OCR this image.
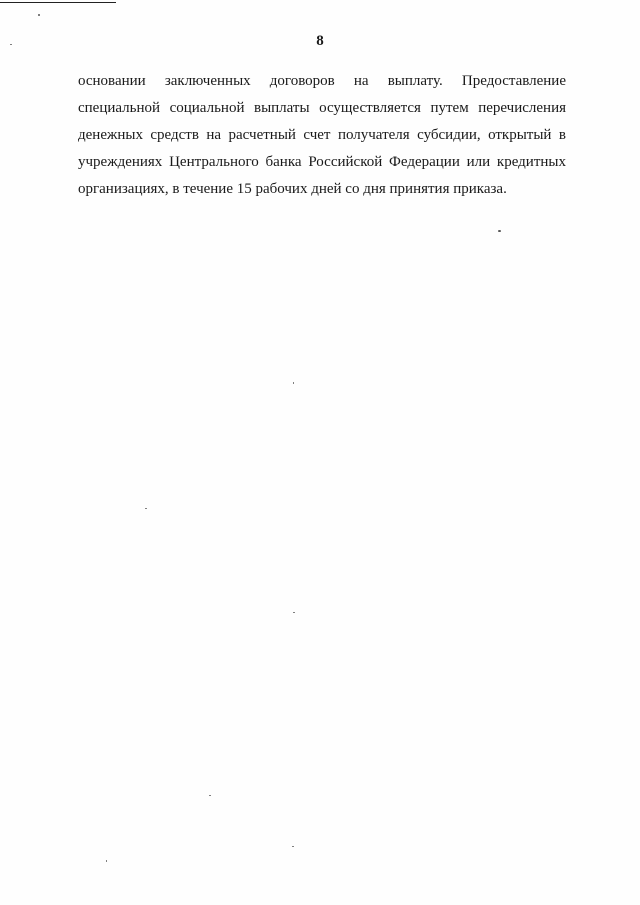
8
основании заключенных договоров на выплату. Предоставление
специальной социальной выплаты осуществляется путем перечисления
денежных средств на расчетный счет получателя субсидии, открытый в
учреждениях Центрального банка Российской Федерации или кредитных
организациях, в течение 15 рабочих дней со дня принятия приказа.
